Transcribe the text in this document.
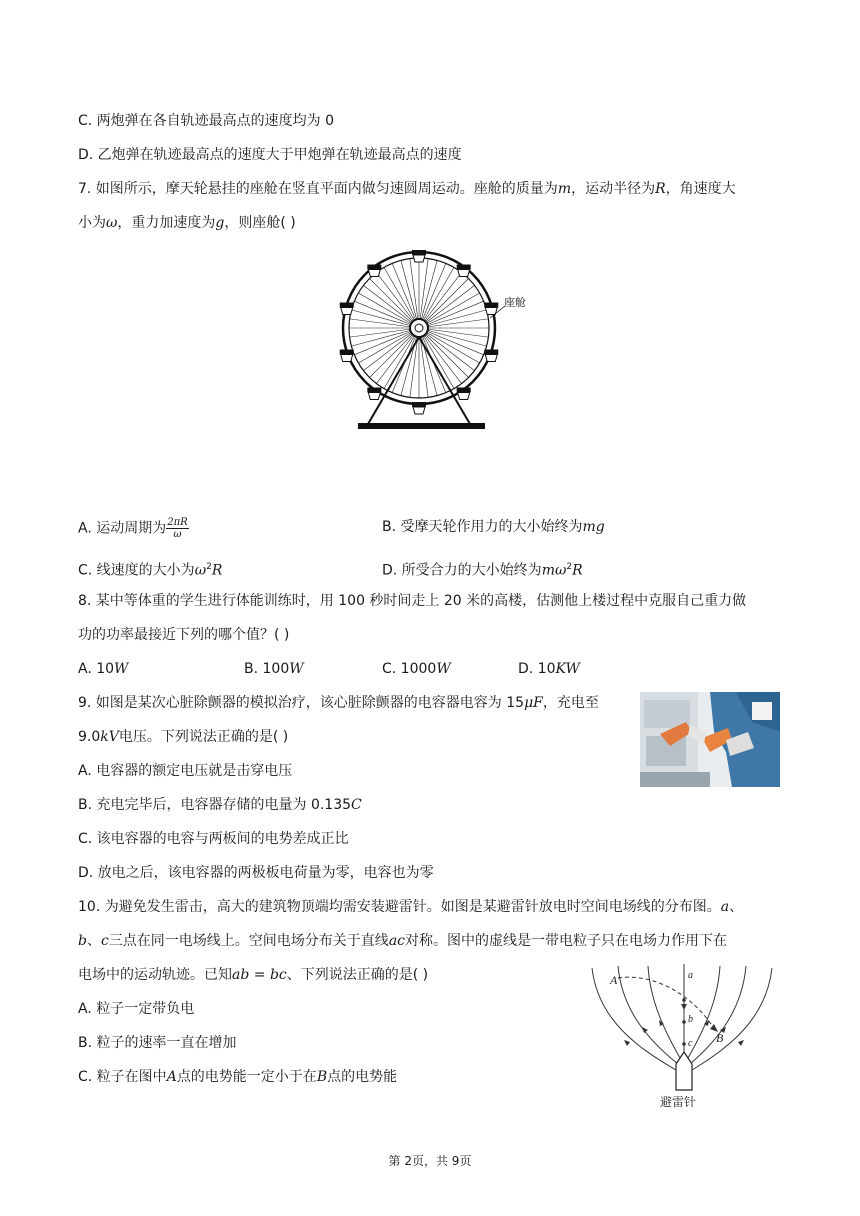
C. 两炮弹在各自轨迹最高点的速度均为 0
D. 乙炮弹在轨迹最高点的速度大于甲炮弹在轨迹最高点的速度
7. 如图所示，摩天轮悬挂的座舱在竖直平面内做匀速圆周运动。座舱的质量为m，运动半径为R，角速度大
小为ω，重力加速度为g，则座舱( )
座舱
A. 运动周期为 $\frac{2\pi R}{\omega}$	B. 受摩天轮作用力的大小始终为mg
C. 线速度的大小为$\omega^2R$	D. 所受合力的大小始终为$m\omega^2R$
8. 某中等体重的学生进行体能训练时，用 100 秒时间走上 20 米的高楼，估测他上楼过程中克服自己重力做
功的功率最接近下列的哪个值？( )
A. 10W	B. 100W	C. 1000W	D. 10KW
9. 如图是某次心脏除颤器的模拟治疗，该心脏除颤器的电容器电容为 15μF，充电至
9.0kV电压。下列说法正确的是( )
A. 电容器的额定电压就是击穿电压
B. 充电完毕后，电容器存储的电量为 0.135C
C. 该电容器的电容与两板间的电势差成正比
D. 放电之后，该电容器的两极板电荷量为零，电容也为零
10. 为避免发生雷击，高大的建筑物顶端均需安装避雷针。如图是某避雷针放电时空间电场线的分布图。a、
b、c三点在同一电场线上。空间电场分布关于直线ac对称。图中的虚线是一带电粒子只在电场力作用下在
电场中的运动轨迹。已知ab = bc、下列说法正确的是( )
A. 粒子一定带负电
B. 粒子的速率一直在增加
C. 粒子在图中A点的电势能一定小于在B点的电势能
A
B
a
b
c
避雷针
第 2页，共 9页
